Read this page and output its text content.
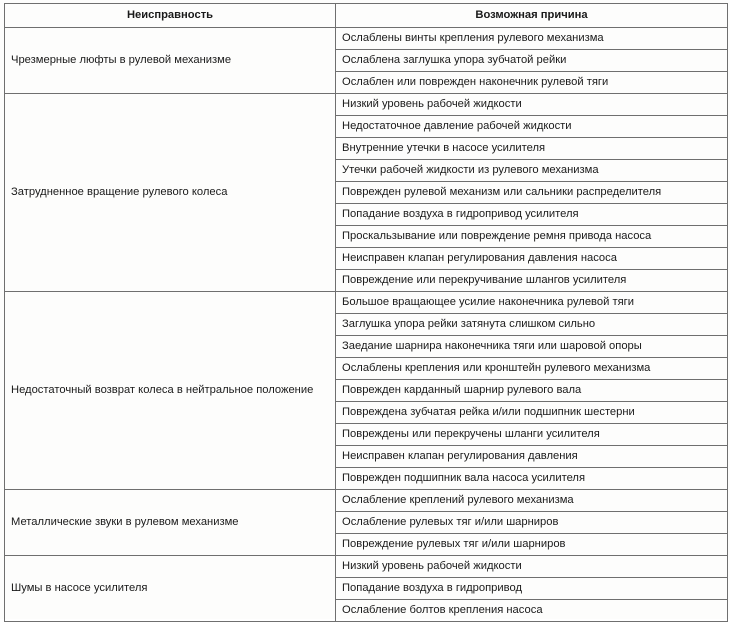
Неисправность	Возможная причина
Чрезмерные люфты в рулевой механизме	Ослаблены винты крепления рулевого механизма
	Ослаблена заглушка упора зубчатой рейки
	Ослаблен или поврежден наконечник рулевой тяги
Затрудненное вращение рулевого колеса	Низкий уровень рабочей жидкости
	Недостаточное давление рабочей жидкости
	Внутренние утечки в насосе усилителя
	Утечки рабочей жидкости из рулевого механизма
	Поврежден рулевой механизм или сальники распределителя
	Попадание воздуха в гидропривод усилителя
	Проскальзывание или повреждение ремня привода насоса
	Неисправен клапан регулирования давления насоса
	Повреждение или перекручивание шлангов усилителя
Недостаточный возврат колеса в нейтральное положение	Большое вращающее усилие наконечника рулевой тяги
	Заглушка упора рейки затянута слишком сильно
	Заедание шарнира наконечника тяги или шаровой опоры
	Ослаблены крепления или кронштейн рулевого механизма
	Поврежден карданный шарнир рулевого вала
	Повреждена зубчатая рейка и/или подшипник шестерни
	Повреждены или перекручены шланги усилителя
	Неисправен клапан регулирования давления
	Поврежден подшипник вала насоса усилителя
Металлические звуки в рулевом механизме	Ослабление креплений рулевого механизма
	Ослабление рулевых тяг и/или шарниров
	Повреждение рулевых тяг и/или шарниров
Шумы в насосе усилителя	Низкий уровень рабочей жидкости
	Попадание воздуха в гидропривод
	Ослабление болтов крепления насоса
